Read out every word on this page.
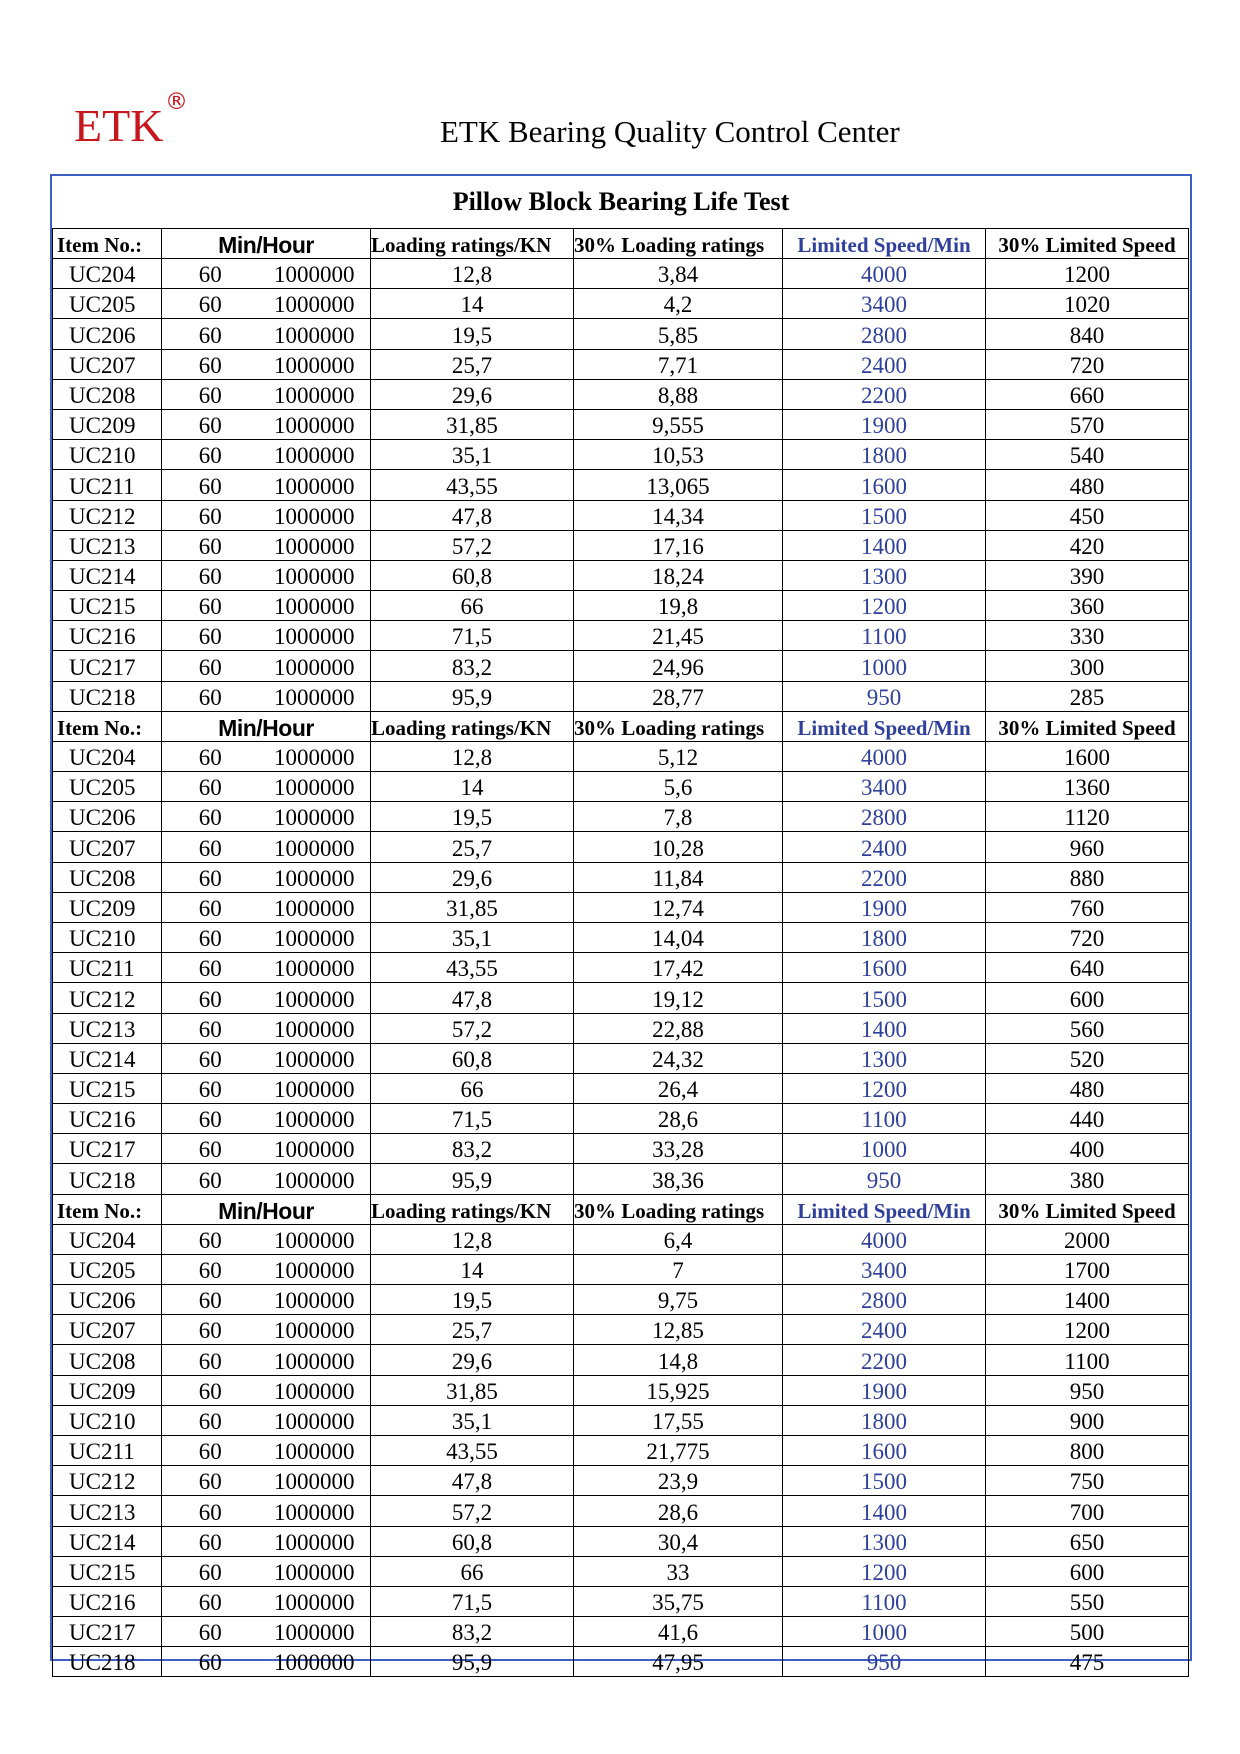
ETK ®
ETK Bearing Quality Control Center
Pillow Block Bearing Life Test
Item No.:	Min/Hour		Loading ratings/KN	30% Loading ratings	Limited Speed/Min	30% Limited Speed
UC204	60	1000000	12,8	3,84	4000	1200
UC205	60	1000000	14	4,2	3400	1020
UC206	60	1000000	19,5	5,85	2800	840
UC207	60	1000000	25,7	7,71	2400	720
UC208	60	1000000	29,6	8,88	2200	660
UC209	60	1000000	31,85	9,555	1900	570
UC210	60	1000000	35,1	10,53	1800	540
UC211	60	1000000	43,55	13,065	1600	480
UC212	60	1000000	47,8	14,34	1500	450
UC213	60	1000000	57,2	17,16	1400	420
UC214	60	1000000	60,8	18,24	1300	390
UC215	60	1000000	66	19,8	1200	360
UC216	60	1000000	71,5	21,45	1100	330
UC217	60	1000000	83,2	24,96	1000	300
UC218	60	1000000	95,9	28,77	950	285
Item No.:	Min/Hour		Loading ratings/KN	30% Loading ratings	Limited Speed/Min	30% Limited Speed
UC204	60	1000000	12,8	5,12	4000	1600
UC205	60	1000000	14	5,6	3400	1360
UC206	60	1000000	19,5	7,8	2800	1120
UC207	60	1000000	25,7	10,28	2400	960
UC208	60	1000000	29,6	11,84	2200	880
UC209	60	1000000	31,85	12,74	1900	760
UC210	60	1000000	35,1	14,04	1800	720
UC211	60	1000000	43,55	17,42	1600	640
UC212	60	1000000	47,8	19,12	1500	600
UC213	60	1000000	57,2	22,88	1400	560
UC214	60	1000000	60,8	24,32	1300	520
UC215	60	1000000	66	26,4	1200	480
UC216	60	1000000	71,5	28,6	1100	440
UC217	60	1000000	83,2	33,28	1000	400
UC218	60	1000000	95,9	38,36	950	380
Item No.:	Min/Hour		Loading ratings/KN	30% Loading ratings	Limited Speed/Min	30% Limited Speed
UC204	60	1000000	12,8	6,4	4000	2000
UC205	60	1000000	14	7	3400	1700
UC206	60	1000000	19,5	9,75	2800	1400
UC207	60	1000000	25,7	12,85	2400	1200
UC208	60	1000000	29,6	14,8	2200	1100
UC209	60	1000000	31,85	15,925	1900	950
UC210	60	1000000	35,1	17,55	1800	900
UC211	60	1000000	43,55	21,775	1600	800
UC212	60	1000000	47,8	23,9	1500	750
UC213	60	1000000	57,2	28,6	1400	700
UC214	60	1000000	60,8	30,4	1300	650
UC215	60	1000000	66	33	1200	600
UC216	60	1000000	71,5	35,75	1100	550
UC217	60	1000000	83,2	41,6	1000	500
UC218	60	1000000	95,9	47,95	950	475
